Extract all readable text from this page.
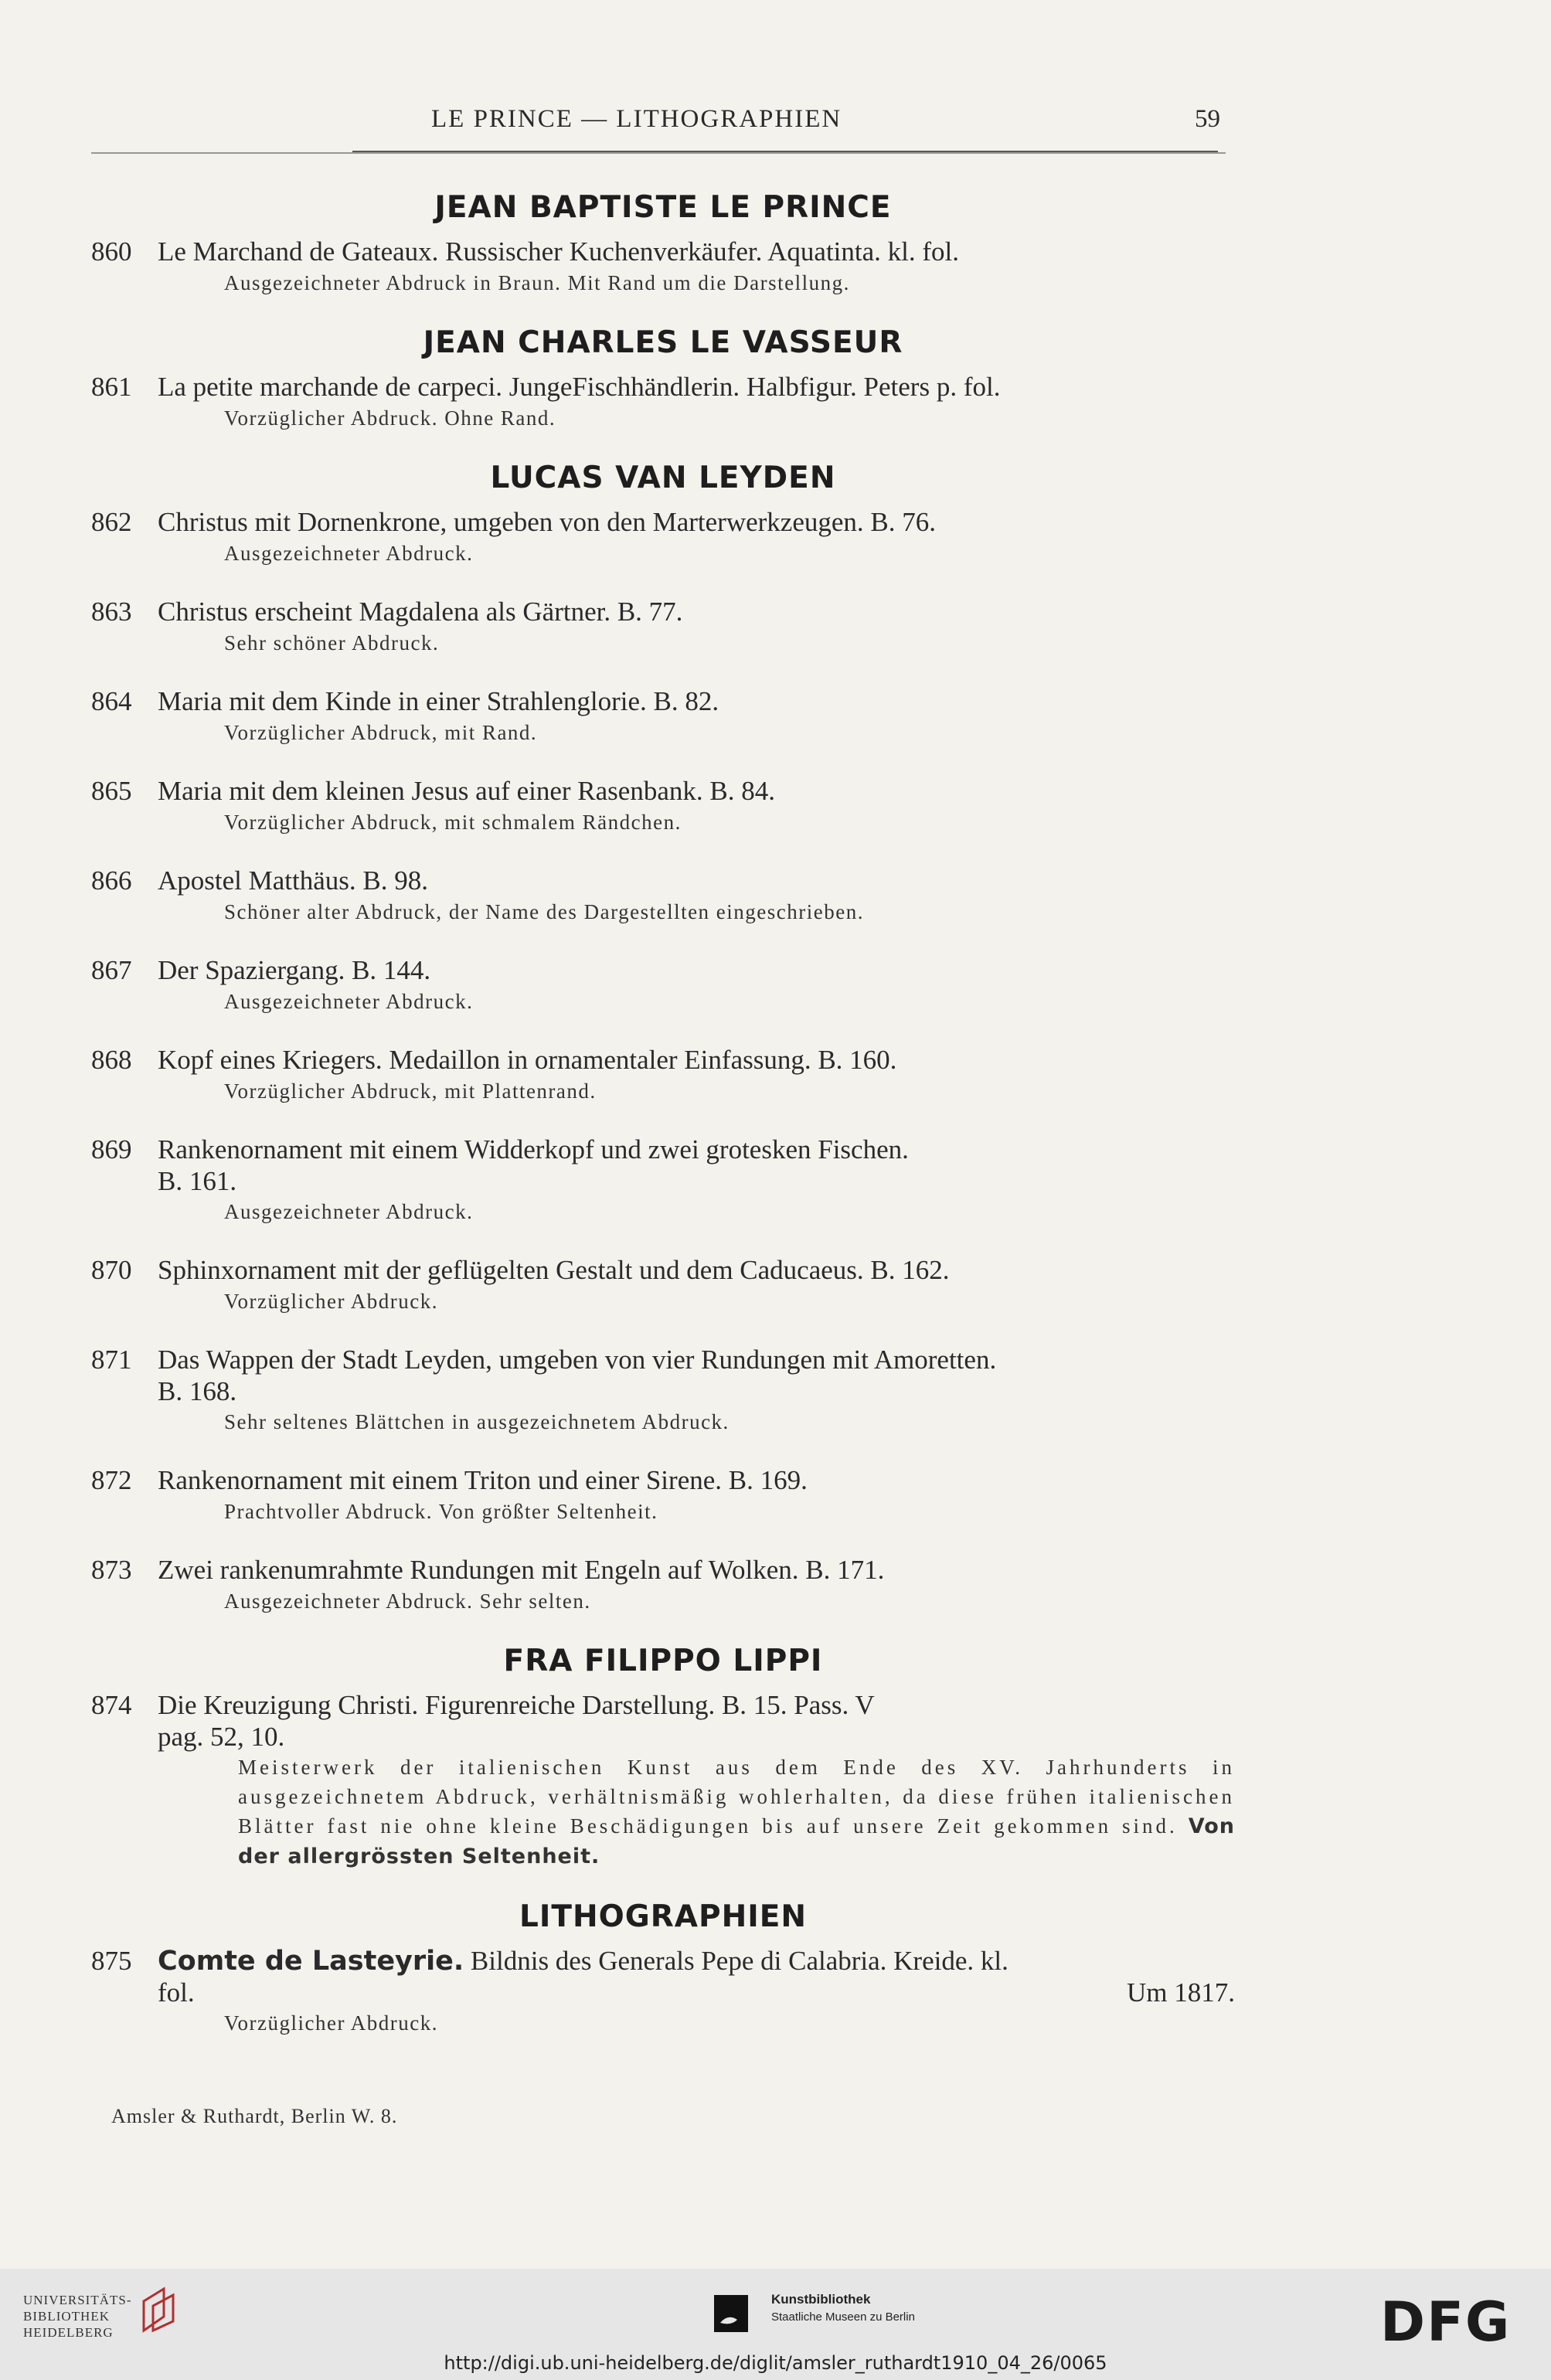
LE PRINCE — LITHOGRAPHIEN	59
JEAN BAPTISTE LE PRINCE
860 Le Marchand de Gateaux. Russischer Kuchenverkäufer. Aquatinta. kl. fol.
Ausgezeichneter Abdruck in Braun. Mit Rand um die Darstellung.
JEAN CHARLES LE VASSEUR
861 La petite marchande de carpeci. JungeFischhändlerin. Halbfigur. Peters p. fol.
Vorzüglicher Abdruck. Ohne Rand.
LUCAS VAN LEYDEN
862 Christus mit Dornenkrone, umgeben von den Marterwerkzeugen. B. 76.
Ausgezeichneter Abdruck.
863 Christus erscheint Magdalena als Gärtner. B. 77.
Sehr schöner Abdruck.
864 Maria mit dem Kinde in einer Strahlenglorie. B. 82.
Vorzüglicher Abdruck, mit Rand.
865 Maria mit dem kleinen Jesus auf einer Rasenbank. B. 84.
Vorzüglicher Abdruck, mit schmalem Rändchen.
866 Apostel Matthäus. B. 98.
Schöner alter Abdruck, der Name des Dargestellten eingeschrieben.
867 Der Spaziergang. B. 144.
Ausgezeichneter Abdruck.
868 Kopf eines Kriegers. Medaillon in ornamentaler Einfassung. B. 160.
Vorzüglicher Abdruck, mit Plattenrand.
869 Rankenornament mit einem Widderkopf und zwei grotesken Fischen.
B. 161.
Ausgezeichneter Abdruck.
870 Sphinxornament mit der geflügelten Gestalt und dem Caducaeus. B. 162.
Vorzüglicher Abdruck.
871 Das Wappen der Stadt Leyden, umgeben von vier Rundungen mit Amoretten.
B. 168.
Sehr seltenes Blättchen in ausgezeichnetem Abdruck.
872 Rankenornament mit einem Triton und einer Sirene. B. 169.
Prachtvoller Abdruck. Von größter Seltenheit.
873 Zwei rankenumrahmte Rundungen mit Engeln auf Wolken. B. 171.
Ausgezeichneter Abdruck. Sehr selten.
FRA FILIPPO LIPPI
874 Die Kreuzigung Christi. Figurenreiche Darstellung. B. 15. Pass. V
pag. 52, 10.
Meisterwerk der italienischen Kunst aus dem Ende des XV. Jahrhunderts in ausgezeichnetem Abdruck, verhältnismäßig wohlerhalten, da diese frühen italienischen Blätter fast nie ohne kleine Beschädigungen bis auf unsere Zeit gekommen sind. Von der allergrössten Seltenheit.
LITHOGRAPHIEN
875 Comte de Lasteyrie. Bildnis des Generals Pepe di Calabria. Kreide. kl.
fol.	Um 1817.
Vorzüglicher Abdruck.
Amsler & Ruthardt, Berlin W. 8.
UNIVERSITÄTS-
BIBLIOTHEK
HEIDELBERG
Kunstbibliothek
Staatliche Museen zu Berlin	DFG
http://digi.ub.uni-heidelberg.de/diglit/amsler_ruthardt1910_04_26/0065
